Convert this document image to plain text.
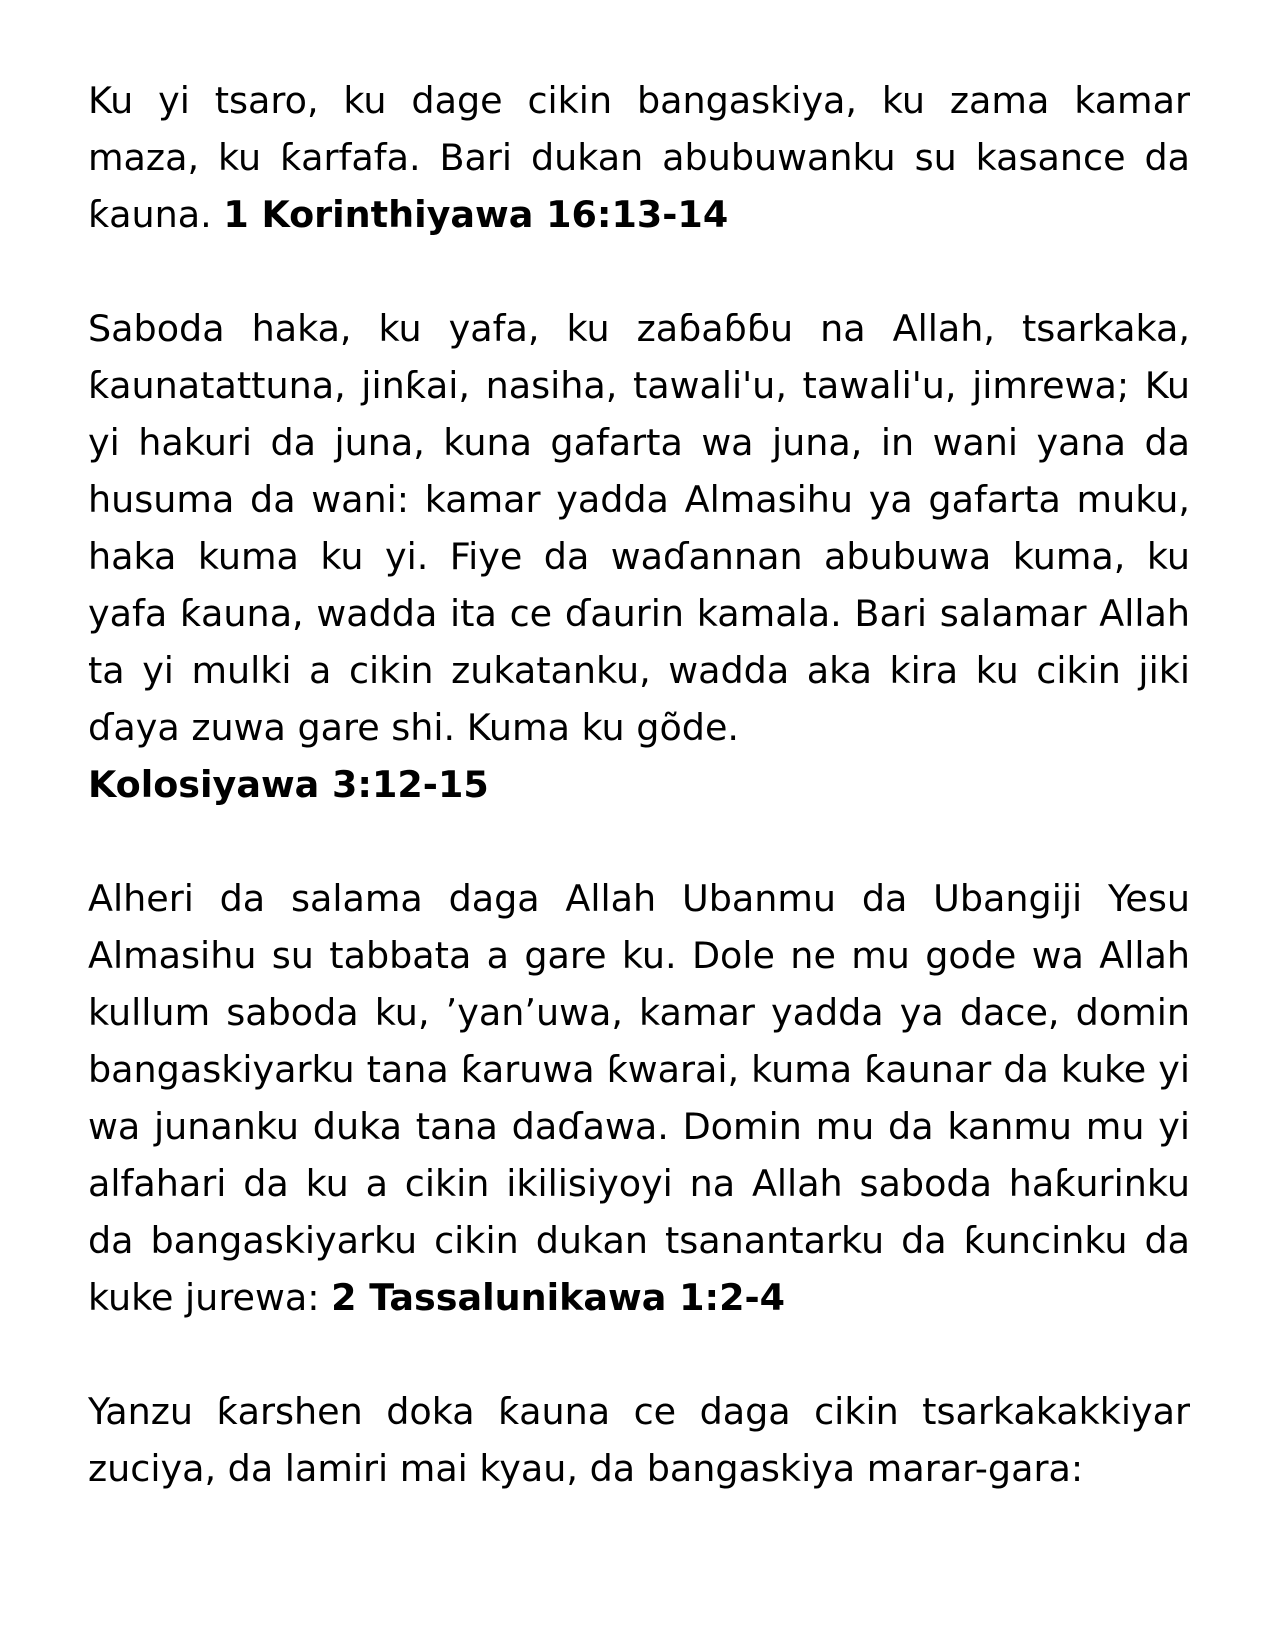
Ku yi tsaro, ku dage cikin bangaskiya, ku zama kamar maza, ku ƙarfafa. Bari dukan abubuwanku su kasance da ƙauna. 1 Korinthiyawa 16:13-14

Saboda haka, ku yafa, ku zaɓaɓɓu na Allah, tsarkaka, ƙaunatattuna, jinƙai, nasiha, tawali'u, tawali'u, jimrewa; Ku yi hakuri da juna, kuna gafarta wa juna, in wani yana da husuma da wani: kamar yadda Almasihu ya gafarta muku, haka kuma ku yi. Fiye da waɗannan abubuwa kuma, ku yafa ƙauna, wadda ita ce ɗaurin kamala. Bari salamar Allah ta yi mulki a cikin zukatanku, wadda aka kira ku cikin jiki ɗaya zuwa gare shi. Kuma ku gõde.
Kolosiyawa 3:12-15

Alheri da salama daga Allah Ubanmu da Ubangiji Yesu Almasihu su tabbata a gare ku. Dole ne mu gode wa Allah kullum saboda ku, ’yan’uwa, kamar yadda ya dace, domin bangaskiyarku tana ƙaruwa ƙwarai, kuma ƙaunar da kuke yi wa junanku duka tana daɗawa. Domin mu da kanmu mu yi alfahari da ku a cikin ikilisiyoyi na Allah saboda haƙurinku da bangaskiyarku cikin dukan tsanantarku da ƙuncinku da kuke jurewa: 2 Tassalunikawa 1:2-4

Yanzu ƙarshen doka ƙauna ce daga cikin tsarkakakkiyar zuciya, da lamiri mai kyau, da bangaskiya marar-gara:
